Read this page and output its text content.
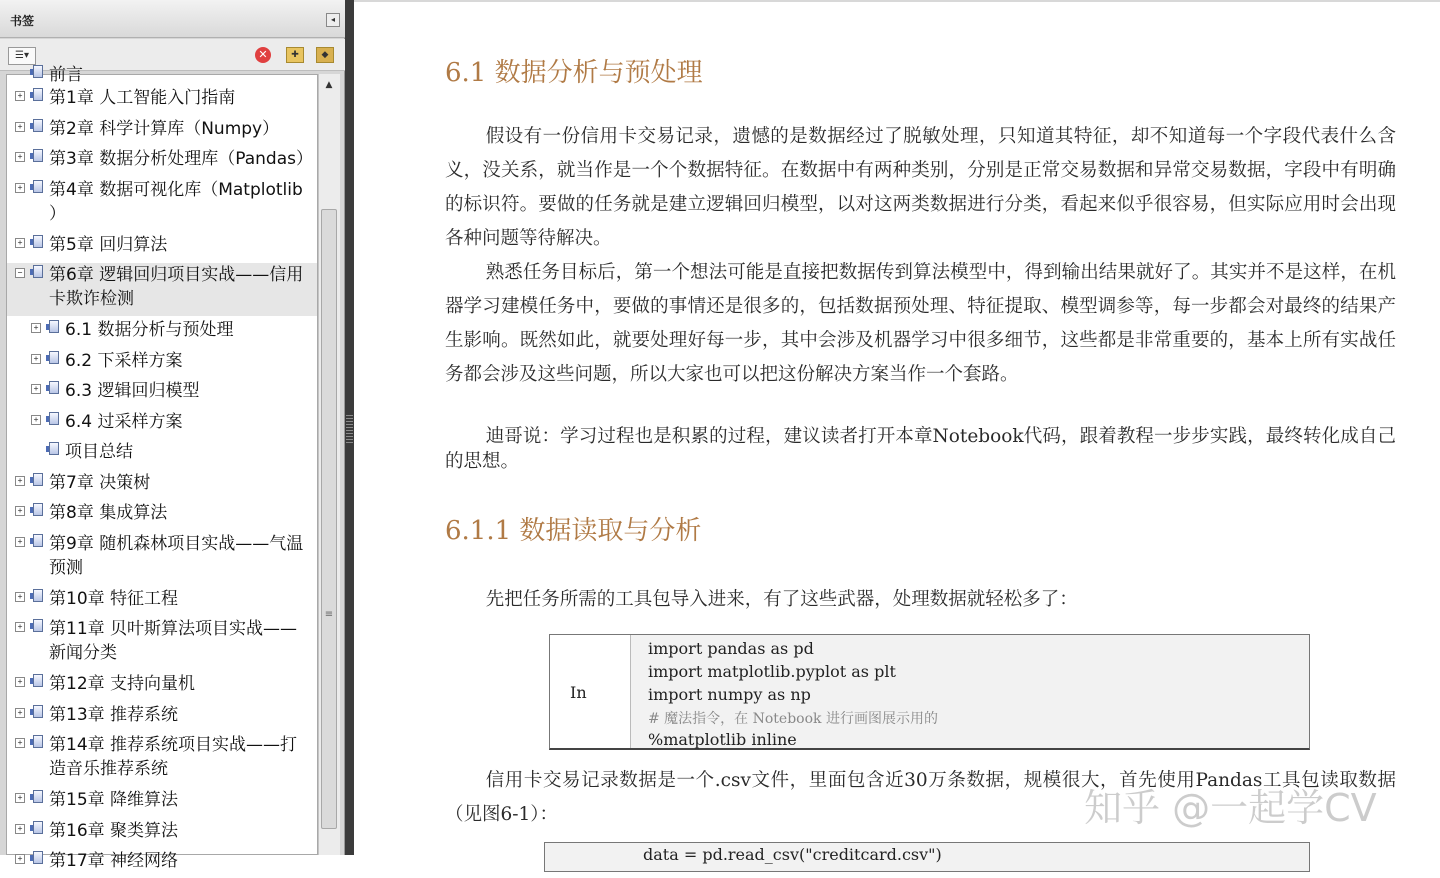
书签	◂
☰▾	✕	✚	◆
前言
+ 第1章 人工智能入门指南
+ 第2章 科学计算库（Numpy）
+ 第3章 数据分析处理库（Pandas）
+ 第4章 数据可视化库（Matplotlib
）
+ 第5章 回归算法
− 第6章 逻辑回归项目实战——信用
卡欺诈检测
+ 6.1 数据分析与预处理
+ 6.2 下采样方案
+ 6.3 逻辑回归模型
+ 6.4 过采样方案
项目总结
+ 第7章 决策树
+ 第8章 集成算法
+ 第9章 随机森林项目实战——气温
预测
+ 第10章 特征工程
+ 第11章 贝叶斯算法项目实战——
新闻分类
+ 第12章 支持向量机
+ 第13章 推荐系统
+ 第14章 推荐系统项目实战——打
造音乐推荐系统
+ 第15章 降维算法
+ 第16章 聚类算法
+ 第17章 神经网络
▲
≡
6.1 数据分析与预处理

假设有一份信用卡交易记录，遗憾的是数据经过了脱敏处理，只知道其特征，却不知道每一个字段代表什么含义，没关系，就当作是一个个数据特征。在数据中有两种类别，分别是正常交易数据和异常交易数据，字段中有明确的标识符。要做的任务就是建立逻辑回归模型，以对这两类数据进行分类，看起来似乎很容易，但实际应用时会出现各种问题等待解决。

熟悉任务目标后，第一个想法可能是直接把数据传到算法模型中，得到输出结果就好了。其实并不是这样，在机器学习建模任务中，要做的事情还是很多的，包括数据预处理、特征提取、模型调参等，每一步都会对最终的结果产生影响。既然如此，就要处理好每一步，其中会涉及机器学习中很多细节，这些都是非常重要的，基本上所有实战任务都会涉及这些问题，所以大家也可以把这份解决方案当作一个套路。

迪哥说：学习过程也是积累的过程，建议读者打开本章Notebook代码，跟着教程一步步实践，最终转化成自己的思想。

6.1.1 数据读取与分析

先把任务所需的工具包导入进来，有了这些武器，处理数据就轻松多了：

In
import pandas as pd
import matplotlib.pyplot as plt
import numpy as np
# 魔法指令，在 Notebook 进行画图展示用的
%matplotlib inline

信用卡交易记录数据是一个.csv文件，里面包含近30万条数据，规模很大，首先使用Pandas工具包读取数据（见图6-1）：

data = pd.read_csv("creditcard.csv")
知乎 @一起学CV
